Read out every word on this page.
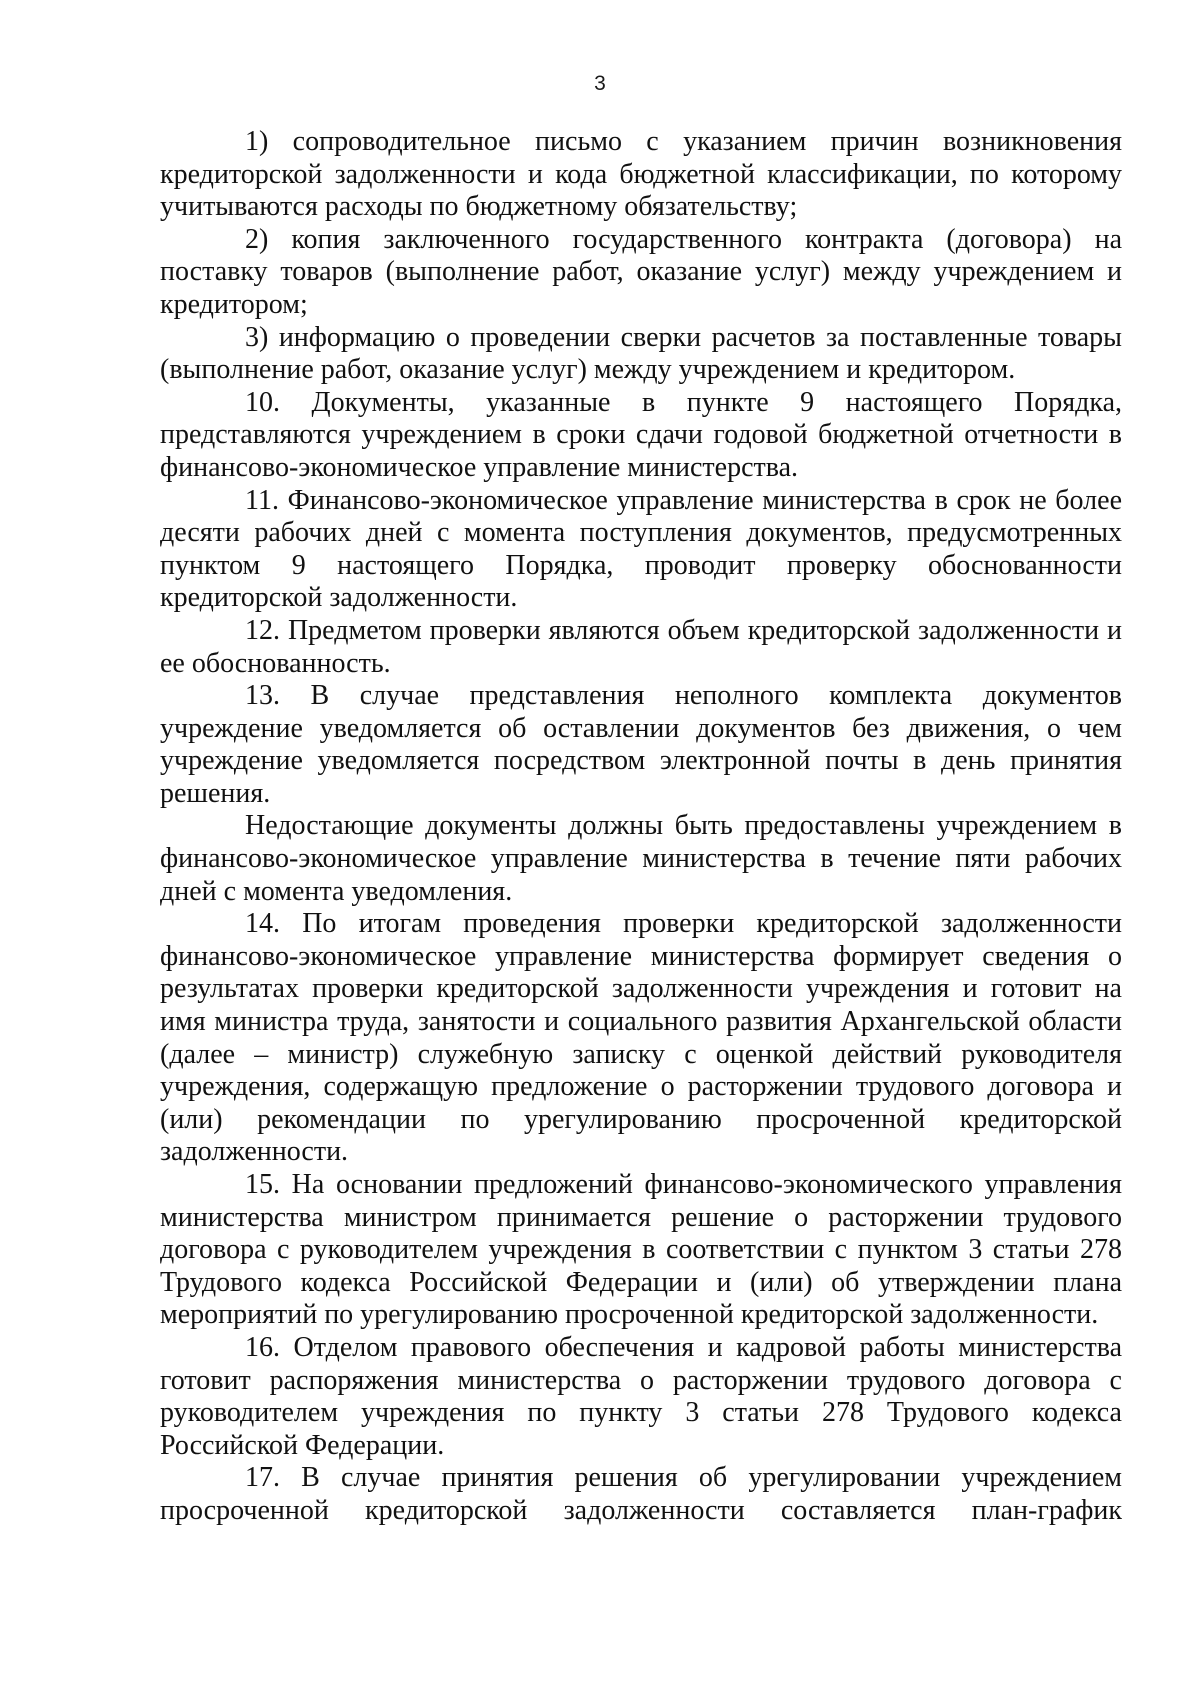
3

1) сопроводительное письмо с указанием причин возникновения кредиторской задолженности и кода бюджетной классификации, по которому учитываются расходы по бюджетному обязательству;

2) копия заключенного государственного контракта (договора) на поставку товаров (выполнение работ, оказание услуг) между учреждением и кредитором;

3) информацию о проведении сверки расчетов за поставленные товары (выполнение работ, оказание услуг) между учреждением и кредитором.

10. Документы, указанные в пункте 9 настоящего Порядка, представляются учреждением в сроки сдачи годовой бюджетной отчетности в финансово-экономическое управление министерства.

11. Финансово-экономическое управление министерства в срок не более десяти рабочих дней с момента поступления документов, предусмотренных пунктом 9 настоящего Порядка, проводит проверку обоснованности кредиторской задолженности.

12. Предметом проверки являются объем кредиторской задолженности и ее обоснованность.

13. В случае представления неполного комплекта документов учреждение уведомляется об оставлении документов без движения, о чем учреждение уведомляется посредством электронной почты в день принятия решения.

Недостающие документы должны быть предоставлены учреждением в финансово-экономическое управление министерства в течение пяти рабочих дней с момента уведомления.

14. По итогам проведения проверки кредиторской задолженности финансово-экономическое управление министерства формирует сведения о результатах проверки кредиторской задолженности учреждения и готовит на имя министра труда, занятости и социального развития Архангельской области (далее – министр) служебную записку с оценкой действий руководителя учреждения, содержащую предложение о расторжении трудового договора и (или) рекомендации по урегулированию просроченной кредиторской задолженности.

15. На основании предложений финансово-экономического управления министерства министром принимается решение о расторжении трудового договора с руководителем учреждения в соответствии с пунктом 3 статьи 278 Трудового кодекса Российской Федерации и (или) об утверждении плана мероприятий по урегулированию просроченной кредиторской задолженности.

16. Отделом правового обеспечения и кадровой работы министерства готовит распоряжения министерства о расторжении трудового договора с руководителем учреждения по пункту 3 статьи 278 Трудового кодекса Российской Федерации.

17. В случае принятия решения об урегулировании учреждением просроченной кредиторской задолженности составляется план-график
